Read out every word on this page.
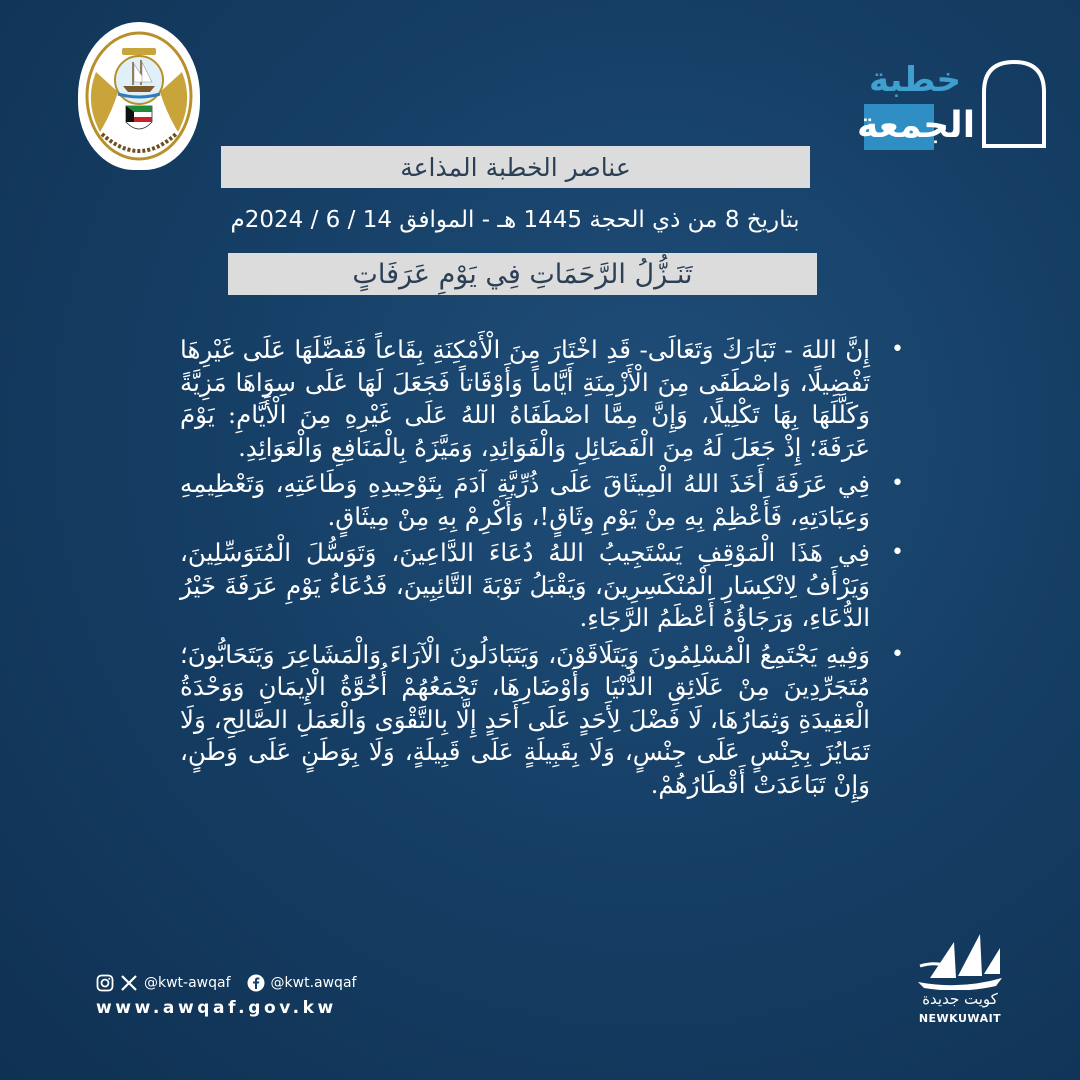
خطبة
الجمعة
عناصر الخطبة المذاعة
بتاريخ 8 من ذي الحجة 1445 هـ - الموافق 14 / 6 / 2024م
تَنَـزُّلُ الرَّحَمَاتِ فِي يَوْمِ عَرَفَاتٍ

•
إِنَّ اللهَ - تَبَارَكَ وَتَعَالَى- قَدِ اخْتَارَ مِنَ الْأَمْكِنَةِ بِقَاعاً فَفَضَّلَهَا عَلَى غَيْرِهَا تَفْضِيلًا، وَاصْطَفَى مِنَ الْأَزْمِنَةِ أَيَّاماً وَأَوْقَاتاً فَجَعَلَ لَهَا عَلَى سِوَاهَا مَزِيَّةً وَكَلَّلَهَا بِهَا تَكْلِيلًا، وَإِنَّ مِمَّا اصْطَفَاهُ اللهُ عَلَى غَيْرِهِ مِنَ الْأَيَّامِ: يَوْمَ عَرَفَةَ؛ إِذْ جَعَلَ لَهُ مِنَ الْفَضَائِلِ وَالْفَوَائِدِ، وَمَيَّزَهُ بِالْمَنَافِعِ وَالْعَوَائِدِ.

•
فِي عَرَفَةَ أَخَذَ اللهُ الْمِيثَاقَ عَلَى ذُرِّيَّةِ آدَمَ بِتَوْحِيدِهِ وَطَاعَتِهِ، وَتَعْظِيمِهِ وَعِبَادَتِهِ، فَأَعْظِمْ بِهِ مِنْ يَوْمِ وِثَاقٍ!، وَأَكْرِمْ بِهِ مِنْ مِيثَاقٍ.

•
فِي هَذَا الْمَوْقِفِ يَسْتَجِيبُ اللهُ دُعَاءَ الدَّاعِينَ، وَتَوَسُّلَ الْمُتَوَسِّلِينَ، وَيَرْأَفُ لِانْكِسَارِ الْمُنْكَسِرِينَ، وَيَقْبَلُ تَوْبَةَ التَّائِبِينَ، فَدُعَاءُ يَوْمِ عَرَفَةَ خَيْرُ الدُّعَاءِ، وَرَجَاؤُهُ أَعْظَمُ الرَّجَاءِ.

•
وَفِيهِ يَجْتَمِعُ الْمُسْلِمُونَ وَيَتَلَاقَوْنَ، وَيَتَبَادَلُونَ الْآرَاءَ وَالْمَشَاعِرَ وَيَتَحَابُّونَ؛ مُتَجَرِّدِينَ مِنْ عَلَائِقِ الدُّنْيَا وَأَوْضَارِهَا، تَجْمَعُهُمْ أُخُوَّةُ الْإِيمَانِ وَوَحْدَةُ الْعَقِيدَةِ وَثِمَارُهَا، لَا فَضْلَ لِأَحَدٍ عَلَى أَحَدٍ إِلَّا بِالتَّقْوَى وَالْعَمَلِ الصَّالِحِ، وَلَا تَمَايُزَ بِجِنْسٍ عَلَى جِنْسٍ، وَلَا بِقَبِيلَةٍ عَلَى قَبِيلَةٍ، وَلَا بِوَطَنٍ عَلَى وَطَنٍ، وَإِنْ تَبَاعَدَتْ أَقْطَارُهُمْ.

@kwt-awqaf	@kwt.awqaf
www.awqaf.gov.kw	كويت جديدة
NEWKUWAIT
